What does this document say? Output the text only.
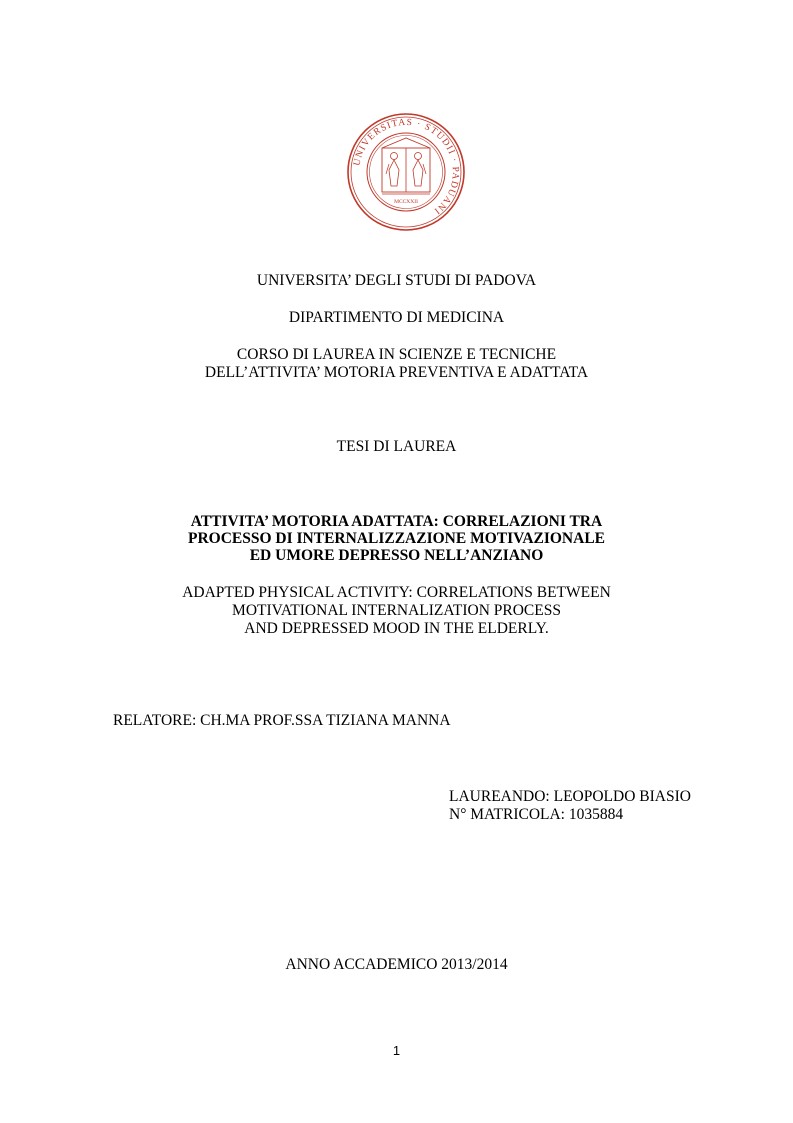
UNIVERSITAS · STUDII · PADUANI
MCCXXII
UNIVERSITA’ DEGLI STUDI DI PADOVA
DIPARTIMENTO DI MEDICINA
CORSO DI LAUREA IN SCIENZE E TECNICHE
DELL’ATTIVITA’ MOTORIA PREVENTIVA E ADATTATA
TESI DI LAUREA
ATTIVITA’ MOTORIA ADATTATA: CORRELAZIONI TRA
PROCESSO DI INTERNALIZZAZIONE MOTIVAZIONALE
ED UMORE DEPRESSO NELL’ANZIANO
ADAPTED PHYSICAL ACTIVITY: CORRELATIONS BETWEEN
MOTIVATIONAL INTERNALIZATION PROCESS
AND DEPRESSED MOOD IN THE ELDERLY.
RELATORE: CH.MA PROF.SSA TIZIANA MANNA
LAUREANDO: LEOPOLDO BIASIO
N° MATRICOLA: 1035884
ANNO ACCADEMICO 2013/2014
1
